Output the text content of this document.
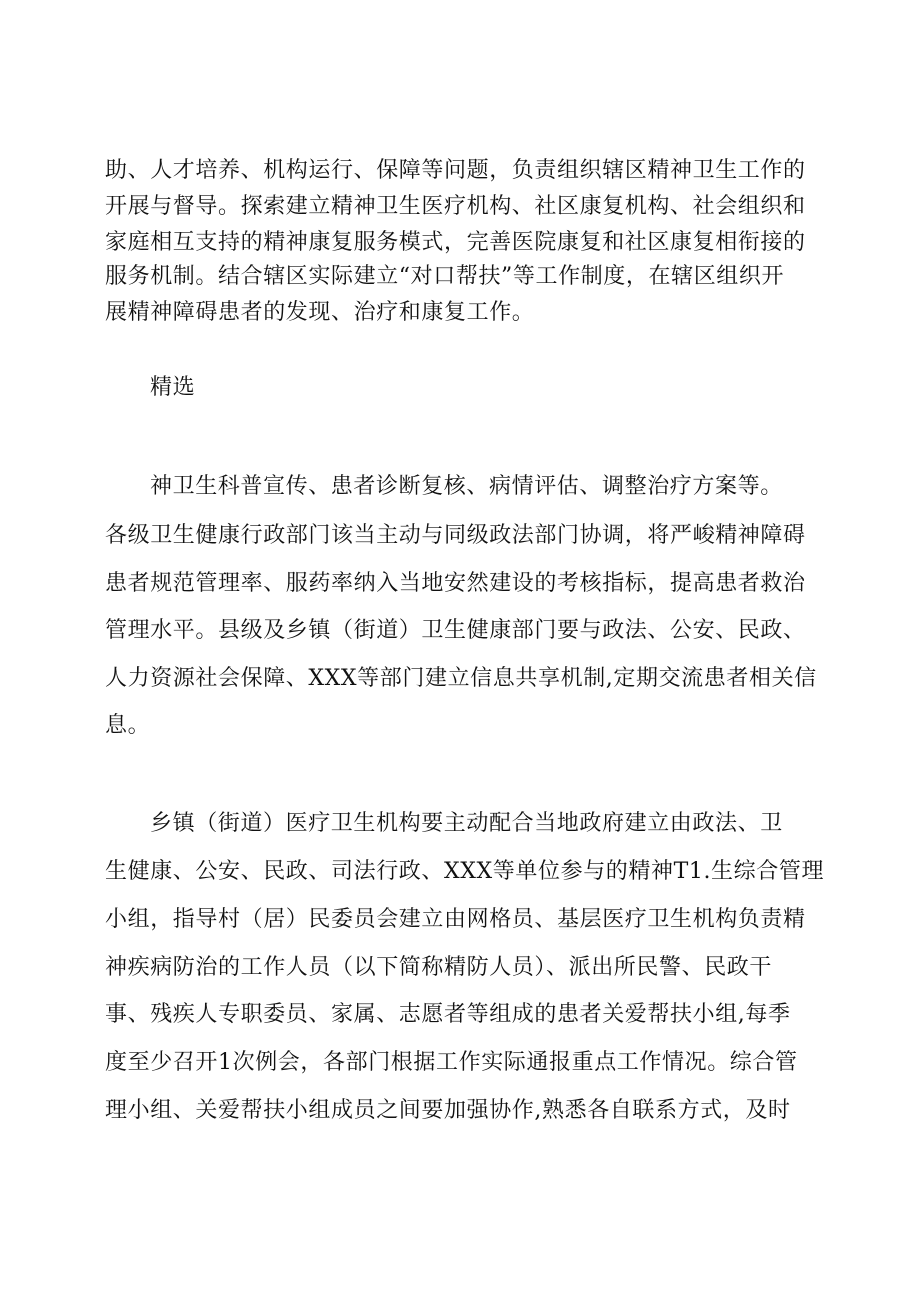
助、人才培养、机构运行、保障等问题，负责组织辖区精神卫生工作的
开展与督导。探索建立精神卫生医疗机构、社区康复机构、社会组织和
家庭相互支持的精神康复服务模式，完善医院康复和社区康复相衔接的
服务机制。结合辖区实际建立“对口帮扶”等工作制度，在辖区组织开
展精神障碍患者的发现、治疗和康复工作。
精选
神卫生科普宣传、患者诊断复核、病情评估、调整治疗方案等。
各级卫生健康行政部门该当主动与同级政法部门协调，将严峻精神障碍
患者规范管理率、服药率纳入当地安然建设的考核指标，提高患者救治
管理水平。县级及乡镇（街道）卫生健康部门要与政法、公安、民政、
人力资源社会保障、XXX等部门建立信息共享机制,定期交流患者相关信
息。
乡镇（街道）医疗卫生机构要主动配合当地政府建立由政法、卫
生健康、公安、民政、司法行政、XXX等单位参与的精神T1.生综合管理
小组，指导村（居）民委员会建立由网格员、基层医疗卫生机构负责精
神疾病防治的工作人员（以下简称精防人员）、派出所民警、民政干
事、残疾人专职委员、家属、志愿者等组成的患者关爱帮扶小组,每季
度至少召开1次例会，各部门根据工作实际通报重点工作情况。综合管
理小组、关爱帮扶小组成员之间要加强协作,熟悉各自联系方式，及时
